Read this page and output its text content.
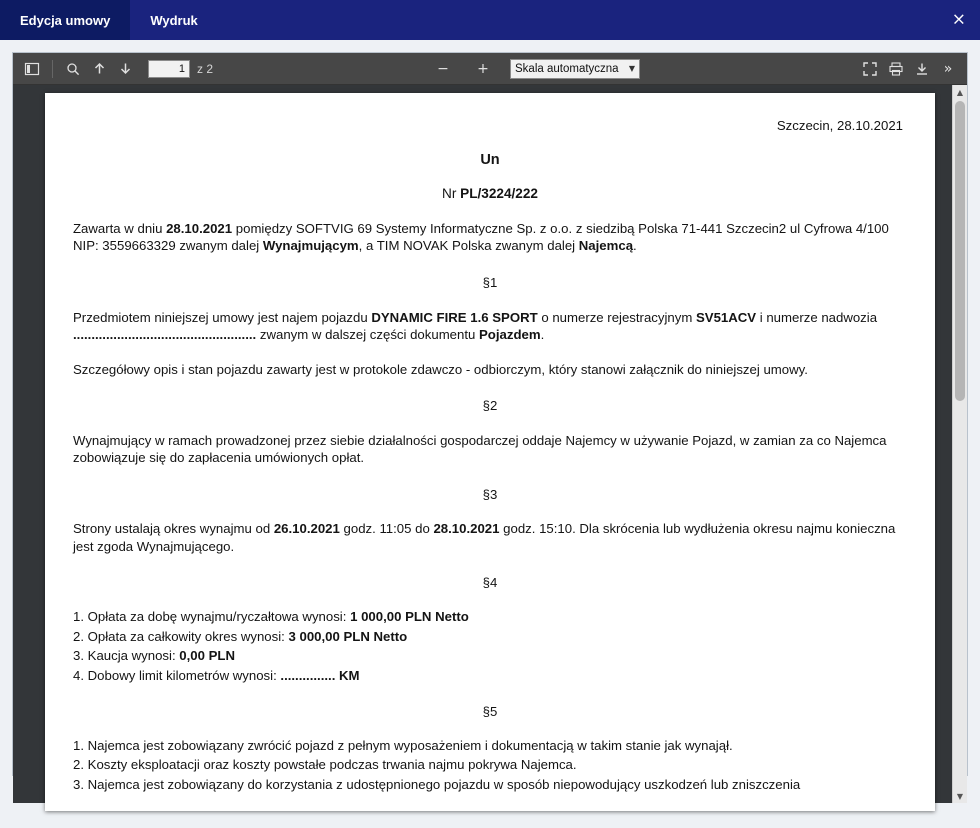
Edycja umowy	Wydruk	×
1
z 2	−	+	Skala automatyczna ▼	»
Szczecin, 28.10.2021
Un
Nr PL/3224/222
Zawarta w dniu 28.10.2021 pomiędzy SOFTVIG 69 Systemy Informatyczne Sp. z o.o. z siedzibą Polska 71-441 Szczecin2 ul Cyfrowa 4/100 NIP: 3559663329 zwanym dalej Wynajmującym, a TIM NOVAK Polska zwanym dalej Najemcą.
§1
Przedmiotem niniejszej umowy jest najem pojazdu DYNAMIC FIRE 1.6 SPORT o numerze rejestracyjnym SV51ACV i numerze nadwozia .................................................. zwanym w dalszej części dokumentu Pojazdem.
Szczegółowy opis i stan pojazdu zawarty jest w protokole zdawczo - odbiorczym, który stanowi załącznik do niniejszej umowy.
§2
Wynajmujący w ramach prowadzonej przez siebie działalności gospodarczej oddaje Najemcy w używanie Pojazd, w zamian za co Najemca zobowiązuje się do zapłacenia umówionych opłat.
§3
Strony ustalają okres wynajmu od 26.10.2021 godz. 11:05 do 28.10.2021 godz. 15:10. Dla skrócenia lub wydłużenia okresu najmu konieczna jest zgoda Wynajmującego.
§4
1. Opłata za dobę wynajmu/ryczałtowa wynosi: 1 000,00 PLN Netto
2. Opłata za całkowity okres wynosi: 3 000,00 PLN Netto
3. Kaucja wynosi: 0,00 PLN
4. Dobowy limit kilometrów wynosi: ............... KM
§5
1. Najemca jest zobowiązany zwrócić pojazd z pełnym wyposażeniem i dokumentacją w takim stanie jak wynajął.
2. Koszty eksploatacji oraz koszty powstałe podczas trwania najmu pokrywa Najemca.
3. Najemca jest zobowiązany do korzystania z udostępnionego pojazdu w sposób niepowodujący uszkodzeń lub zniszczenia
▲
▼
